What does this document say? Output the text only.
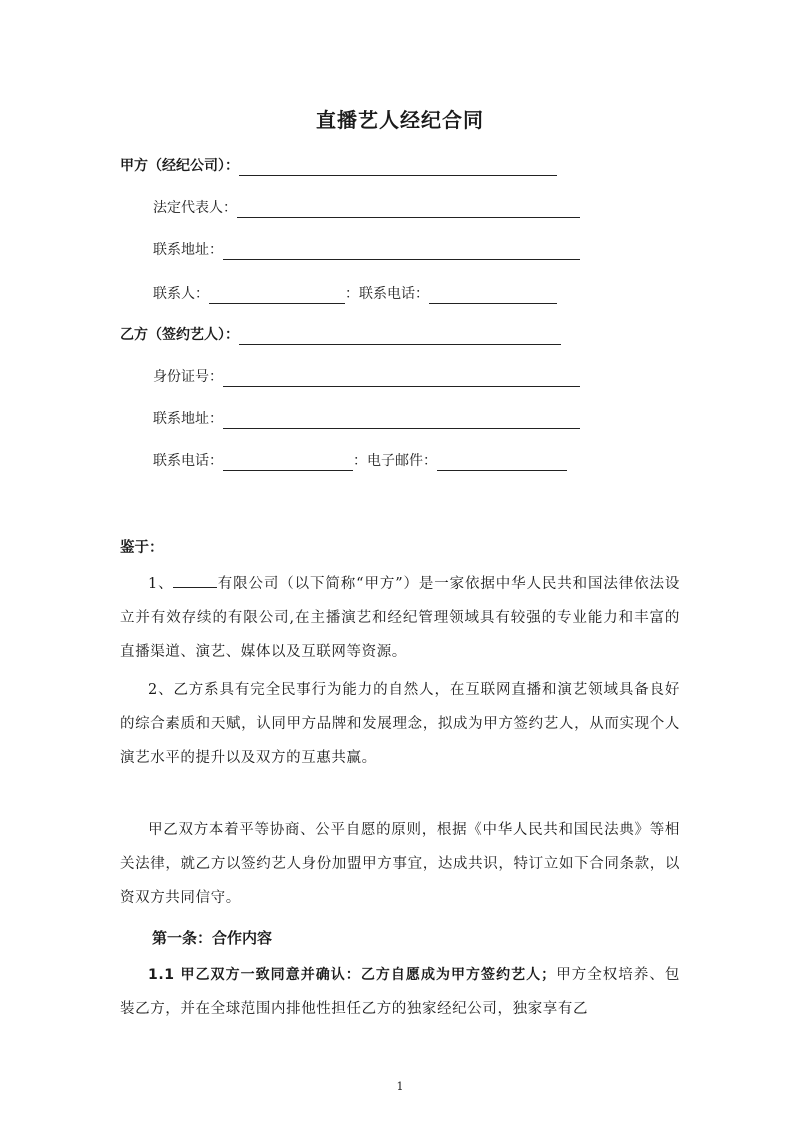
直播艺人经纪合同
甲方（经纪公司）：
法定代表人：
联系地址：
联系人：	：联系电话：
乙方（签约艺人）：
身份证号：
联系地址：
联系电话：	：电子邮件：
鉴于：
1、	有限公司（以下简称“甲方”）是一家依据中华人民共和国法律依法设立并有效存续的有限公司,在主播演艺和经纪管理领域具有较强的专业能力和丰富的直播渠道、演艺、媒体以及互联网等资源。
2、乙方系具有完全民事行为能力的自然人，在互联网直播和演艺领域具备良好的综合素质和天赋，认同甲方品牌和发展理念，拟成为甲方签约艺人，从而实现个人演艺水平的提升以及双方的互惠共赢。
甲乙双方本着平等协商、公平自愿的原则，根据《中华人民共和国民法典》等相关法律，就乙方以签约艺人身份加盟甲方事宜，达成共识，特订立如下合同条款，以资双方共同信守。
第一条：合作内容
1.1 甲乙双方一致同意并确认：乙方自愿成为甲方签约艺人；甲方全权培养、包装乙方，并在全球范围内排他性担任乙方的独家经纪公司，独家享有乙
1
